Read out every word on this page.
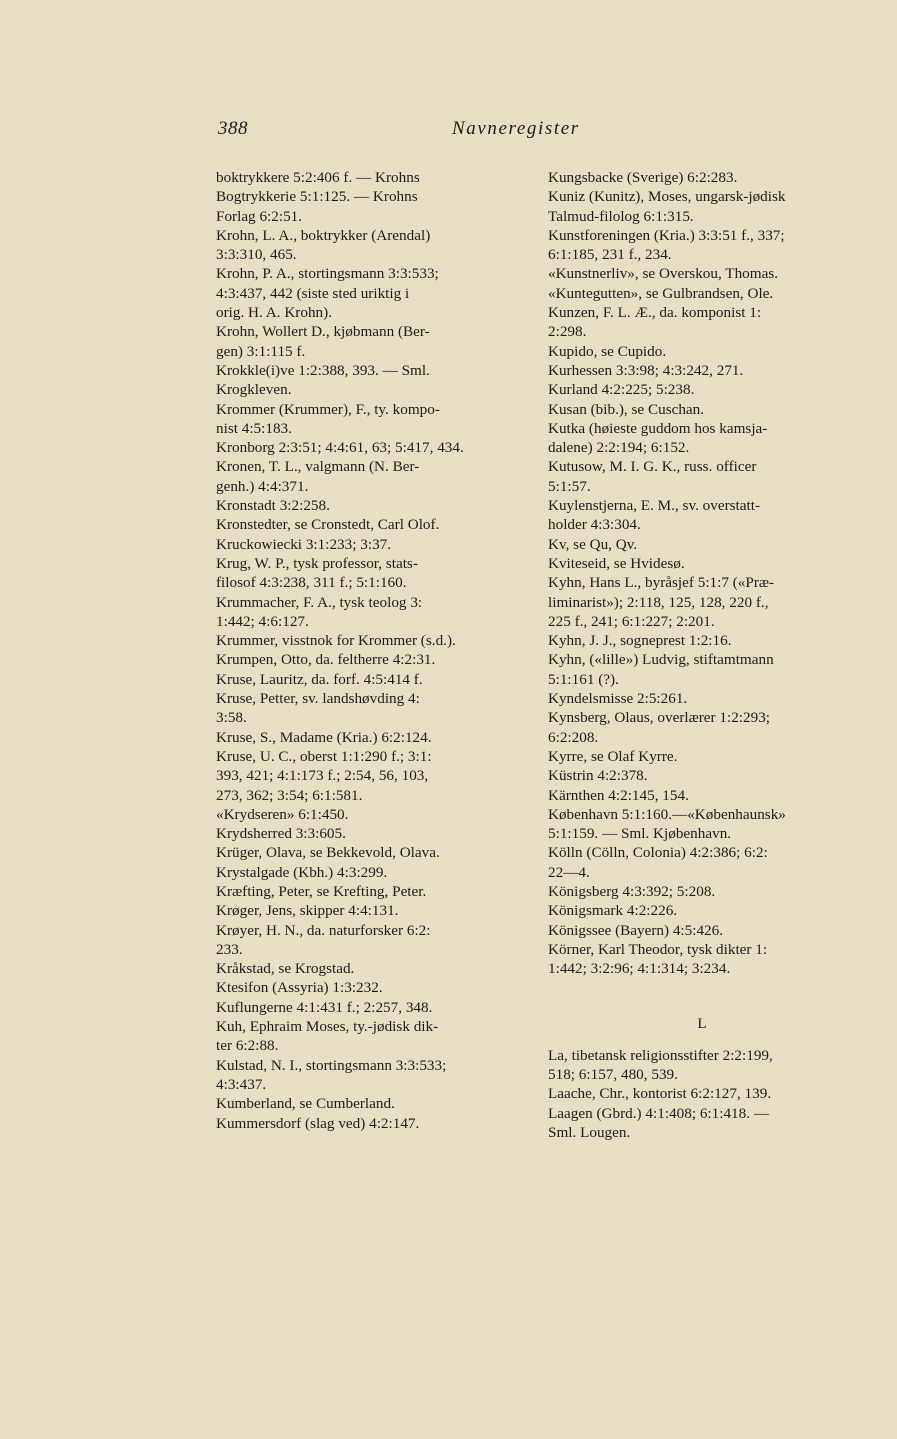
388	Navneregister

boktrykkere 5:2:406 f. — Krohns
Bogtrykkerie 5:1:125. — Krohns
Forlag 6:2:51.

Krohn, L. A., boktrykker (Arendal)
3:3:310, 465.

Krohn, P. A., stortingsmann 3:3:533;
4:3:437, 442 (siste sted uriktig i
orig. H. A. Krohn).

Krohn, Wollert D., kjøbmann (Ber-
gen) 3:1:115 f.

Krokkle(i)ve 1:2:388, 393. — Sml.
Krogkleven.

Krommer (Krummer), F., ty. kompo-
nist 4:5:183.

Kronborg 2:3:51; 4:4:61, 63; 5:417, 434.

Kronen, T. L., valgmann (N. Ber-
genh.) 4:4:371.

Kronstadt 3:2:258.

Kronstedter, se Cronstedt, Carl Olof.

Kruckowiecki 3:1:233; 3:37.

Krug, W. P., tysk professor, stats-
filosof 4:3:238, 311 f.; 5:1:160.

Krummacher, F. A., tysk teolog 3:
1:442; 4:6:127.

Krummer, visstnok for Krommer (s.d.).

Krumpen, Otto, da. feltherre 4:2:31.

Kruse, Lauritz, da. forf. 4:5:414 f.

Kruse, Petter, sv. landshøvding 4:
3:58.

Kruse, S., Madame (Kria.) 6:2:124.

Kruse, U. C., oberst 1:1:290 f.; 3:1:
393, 421; 4:1:173 f.; 2:54, 56, 103,
273, 362; 3:54; 6:1:581.

«Krydseren» 6:1:450.

Krydsherred 3:3:605.

Krüger, Olava, se Bekkevold, Olava.

Krystalgade (Kbh.) 4:3:299.

Kræfting, Peter, se Krefting, Peter.

Krøger, Jens, skipper 4:4:131.

Krøyer, H. N., da. naturforsker 6:2:
233.

Kråkstad, se Krogstad.

Ktesifon (Assyria) 1:3:232.

Kuflungerne 4:1:431 f.; 2:257, 348.

Kuh, Ephraim Moses, ty.-jødisk dik-
ter 6:2:88.

Kulstad, N. I., stortingsmann 3:3:533;
4:3:437.

Kumberland, se Cumberland.

Kummersdorf (slag ved) 4:2:147.

Kungsbacke (Sverige) 6:2:283.

Kuniz (Kunitz), Moses, ungarsk-jødisk
Talmud-filolog 6:1:315.

Kunstforeningen (Kria.) 3:3:51 f., 337;
6:1:185, 231 f., 234.

«Kunstnerliv», se Overskou, Thomas.

«Kuntegutten», se Gulbrandsen, Ole.

Kunzen, F. L. Æ., da. komponist 1:
2:298.

Kupido, se Cupido.

Kurhessen 3:3:98; 4:3:242, 271.

Kurland 4:2:225; 5:238.

Kusan (bib.), se Cuschan.

Kutka (høieste guddom hos kamsja-
dalene) 2:2:194; 6:152.

Kutusow, M. I. G. K., russ. officer
5:1:57.

Kuylenstjerna, E. M., sv. overstatt-
holder 4:3:304.

Kv, se Qu, Qv.

Kviteseid, se Hvidesø.

Kyhn, Hans L., byråsjef 5:1:7 («Præ-
liminarist»); 2:118, 125, 128, 220 f.,
225 f., 241; 6:1:227; 2:201.

Kyhn, J. J., sogneprest 1:2:16.

Kyhn, («lille») Ludvig, stiftamtmann
5:1:161 (?).

Kyndelsmisse 2:5:261.

Kynsberg, Olaus, overlærer 1:2:293;
6:2:208.

Kyrre, se Olaf Kyrre.

Küstrin 4:2:378.

Kärnthen 4:2:145, 154.

København 5:1:160.—«Københaunsk»
5:1:159. — Sml. Kjøbenhavn.

Kölln (Cölln, Colonia) 4:2:386; 6:2:
22—4.

Königsberg 4:3:392; 5:208.

Königsmark 4:2:226.

Königssee (Bayern) 4:5:426.

Körner, Karl Theodor, tysk dikter 1:
1:442; 3:2:96; 4:1:314; 3:234.

L

La, tibetansk religionsstifter 2:2:199,
518; 6:157, 480, 539.

Laache, Chr., kontorist 6:2:127, 139.

Laagen (Gbrd.) 4:1:408; 6:1:418. —
Sml. Lougen.
